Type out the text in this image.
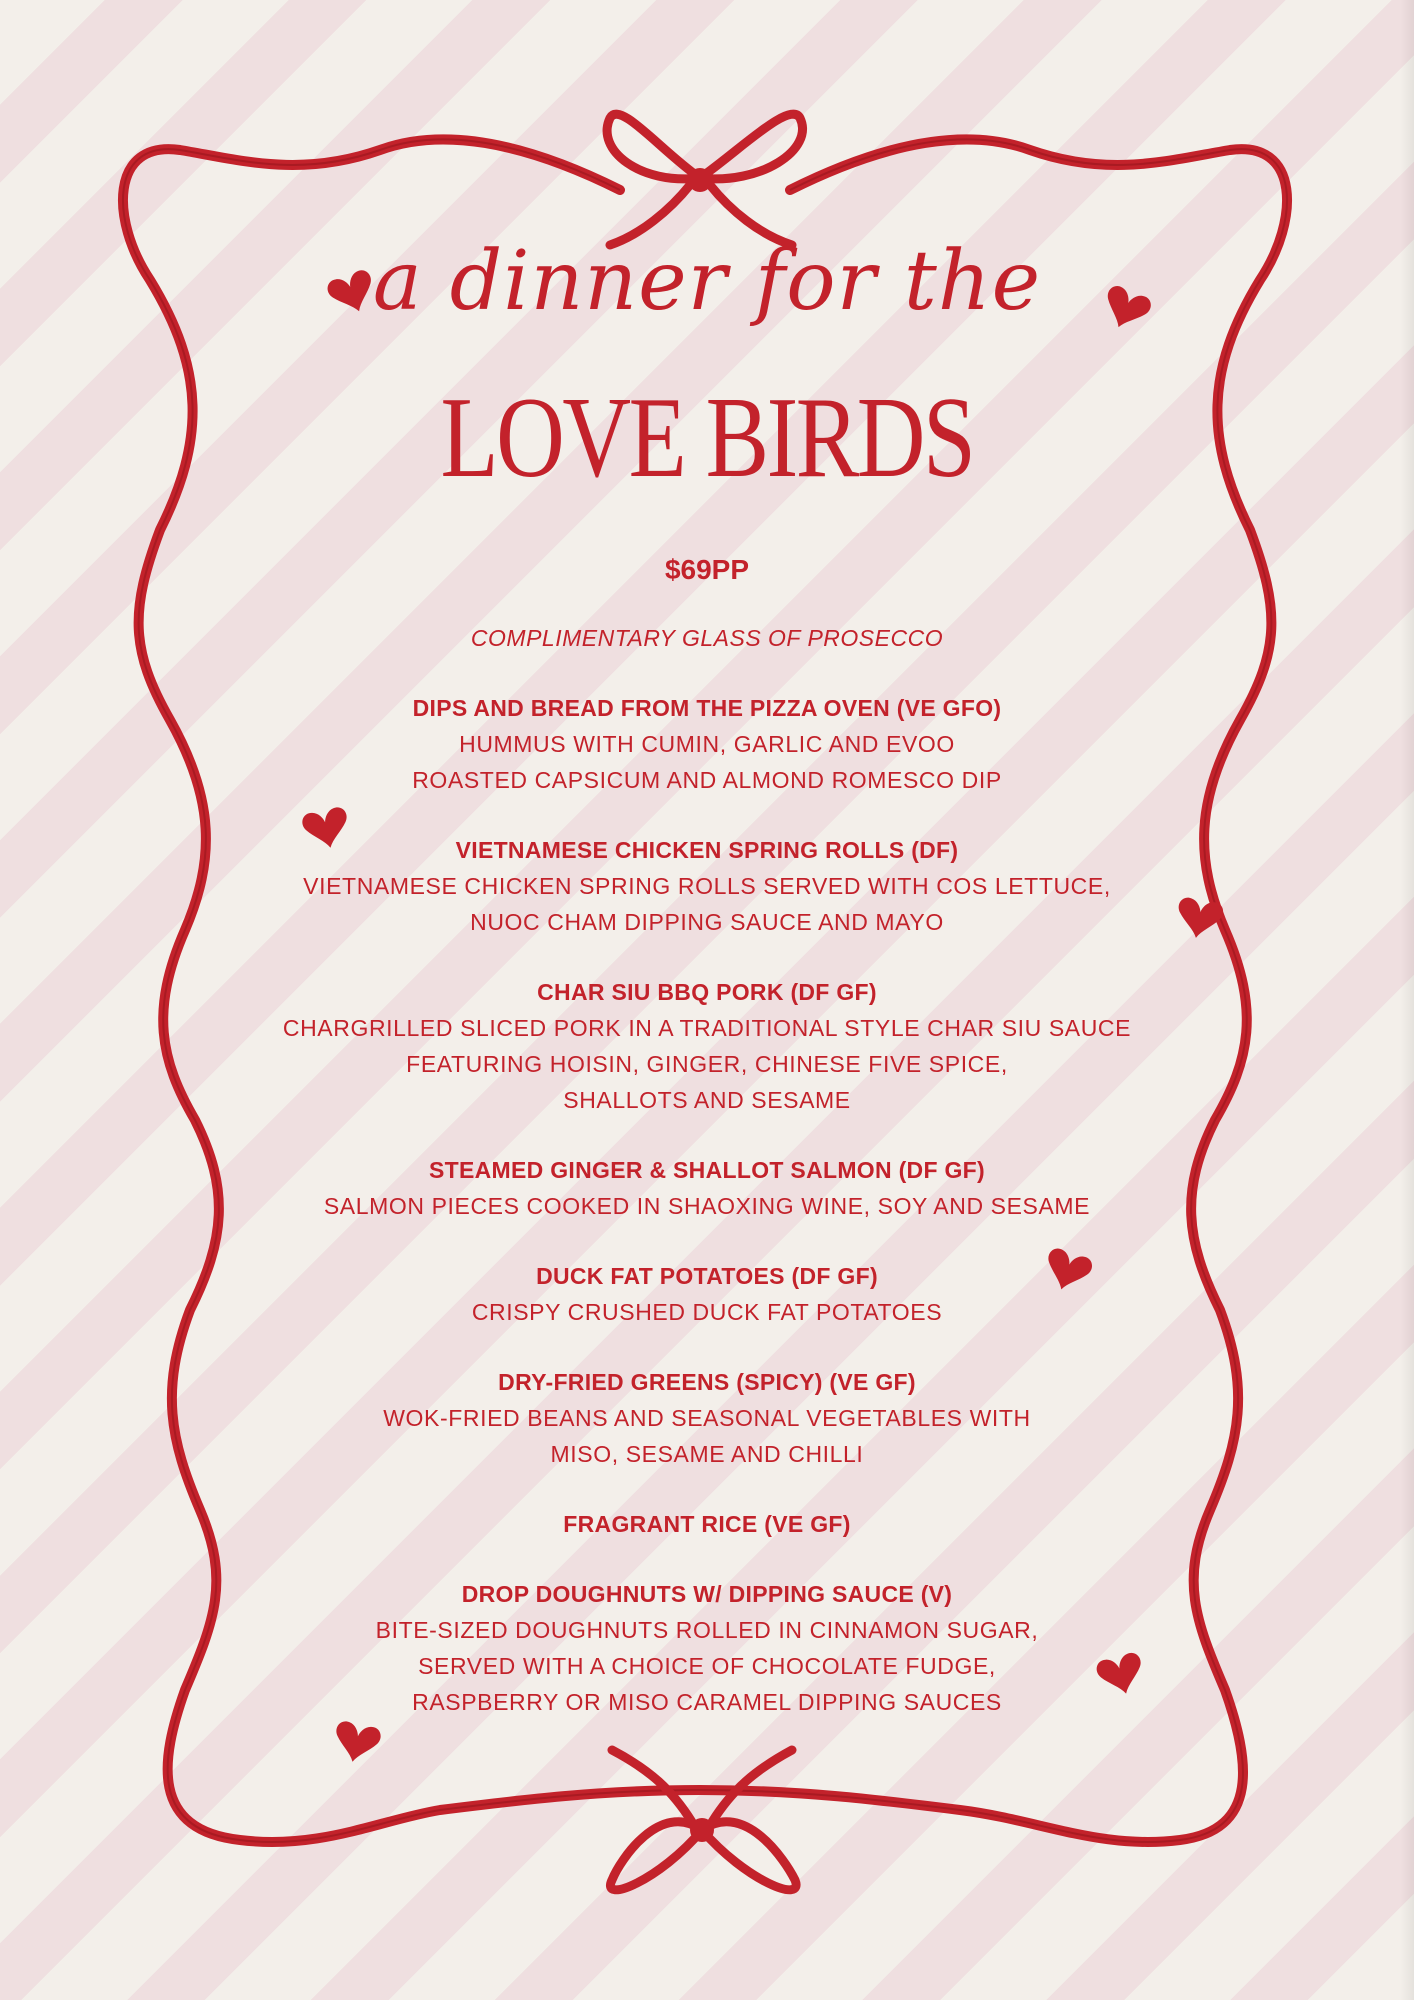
a dinner for the
LOVE BIRDS
$69PP
COMPLIMENTARY GLASS OF PROSECCO
DIPS AND BREAD FROM THE PIZZA OVEN (VE GFO)
HUMMUS WITH CUMIN, GARLIC AND EVOO
ROASTED CAPSICUM AND ALMOND ROMESCO DIP
VIETNAMESE CHICKEN SPRING ROLLS (DF)
VIETNAMESE CHICKEN SPRING ROLLS SERVED WITH COS LETTUCE,
NUOC CHAM DIPPING SAUCE AND MAYO
CHAR SIU BBQ PORK (DF GF)
CHARGRILLED SLICED PORK IN A TRADITIONAL STYLE CHAR SIU SAUCE
FEATURING HOISIN, GINGER, CHINESE FIVE SPICE,
SHALLOTS AND SESAME
STEAMED GINGER & SHALLOT SALMON (DF GF)
SALMON PIECES COOKED IN SHAOXING WINE, SOY AND SESAME
DUCK FAT POTATOES (DF GF)
CRISPY CRUSHED DUCK FAT POTATOES
DRY-FRIED GREENS (SPICY) (VE GF)
WOK-FRIED BEANS AND SEASONAL VEGETABLES WITH
MISO, SESAME AND CHILLI
FRAGRANT RICE (VE GF)
DROP DOUGHNUTS W/ DIPPING SAUCE (V)
BITE-SIZED DOUGHNUTS ROLLED IN CINNAMON SUGAR,
SERVED WITH A CHOICE OF CHOCOLATE FUDGE,
RASPBERRY OR MISO CARAMEL DIPPING SAUCES
